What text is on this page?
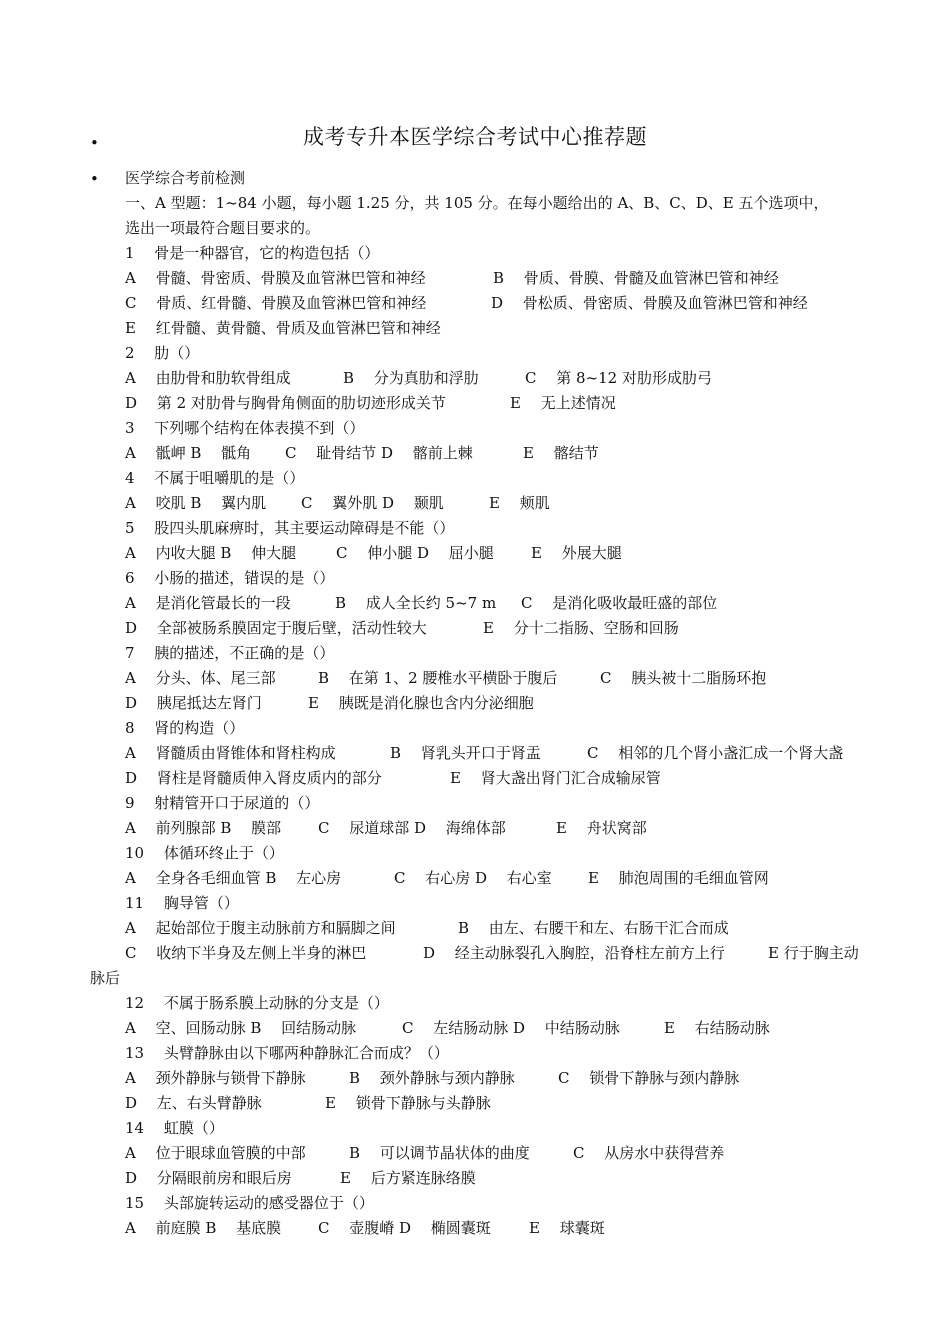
•	成考专升本医学综合考试中心推荐题
• 医学综合考前检测
一、A 型题：1~84 小题，每小题 1.25 分，共 105 分。在每小题给出的 A、B、C、D、E 五个选项中，
选出一项最符合题目要求的。
1　 骨是一种器官，它的构造包括（）
A　 骨髓、骨密质、骨膜及血管淋巴管和神经	B　 骨质、骨膜、骨髓及血管淋巴管和神经
C　 骨质、红骨髓、骨膜及血管淋巴管和神经	D　 骨松质、骨密质、骨膜及血管淋巴管和神经
E　 红骨髓、黄骨髓、骨质及血管淋巴管和神经
2　 肋（）
A　 由肋骨和肋软骨组成	B　 分为真肋和浮肋	C　 第 8~12 对肋形成肋弓
D　 第 2 对肋骨与胸骨角侧面的肋切迹形成关节	E　 无上述情况
3　 下列哪个结构在体表摸不到（）
A　 骶岬 B　 骶角 C　 耻骨结节 D　 髂前上棘	E　 髂结节
4　 不属于咀嚼肌的是（）
A　 咬肌 B　 翼内肌 C　 翼外肌 D　 颞肌	E　 颊肌
5　 股四头肌麻痹时，其主要运动障碍是不能（）
A　 内收大腿 B　 伸大腿	C　 伸小腿 D　 屈小腿 E　 外展大腿
6　 小肠的描述，错误的是（）
A　 是消化管最长的一段	B　 成人全长约 5~7 m C　 是消化吸收最旺盛的部位
D　 全部被肠系膜固定于腹后壁，活动性较大	E　 分十二指肠、空肠和回肠
7　 胰的描述，不正确的是（）
A　 分头、体、尾三部	B　 在第 1、2 腰椎水平横卧于腹后	C　 胰头被十二脂肠环抱
D　 胰尾抵达左肾门	E　 胰既是消化腺也含内分泌细胞
8　 肾的构造（）
A　 肾髓质由肾锥体和肾柱构成	B　 肾乳头开口于肾盂	C　 相邻的几个肾小盏汇成一个肾大盏
D　 肾柱是肾髓质伸入肾皮质内的部分	E　 肾大盏出肾门汇合成输尿管
9　 射精管开口于尿道的（）
A　 前列腺部 B　 膜部 C　 尿道球部 D　 海绵体部	E　 舟状窝部
10　 体循环终止于（）
A　 全身各毛细血管 B　 左心房	C　 右心房 D　 右心室 E　 肺泡周围的毛细血管网
11　 胸导管（）
A　 起始部位于腹主动脉前方和膈脚之间	B　 由左、右腰干和左、右肠干汇合而成
C　 收纳下半身及左侧上半身的淋巴	D　 经主动脉裂孔入胸腔，沿脊柱左前方上行	E 行于胸主动
脉后
12　 不属于肠系膜上动脉的分支是（）
A　 空、回肠动脉 B　 回结肠动脉	C　 左结肠动脉 D　 中结肠动脉	E　 右结肠动脉
13　 头臂静脉由以下哪两种静脉汇合而成？（）
A　 颈外静脉与锁骨下静脉	B　 颈外静脉与颈内静脉	C　 锁骨下静脉与颈内静脉
D　 左、右头臂静脉	E　 锁骨下静脉与头静脉
14　 虹膜（）
A　 位于眼球血管膜的中部	B　 可以调节晶状体的曲度	C　 从房水中获得营养
D　 分隔眼前房和眼后房	E　 后方紧连脉络膜
15　 头部旋转运动的感受器位于（）
A　 前庭膜 B　 基底膜 C　 壶腹嵴 D　 椭圆囊斑	E　 球囊斑
